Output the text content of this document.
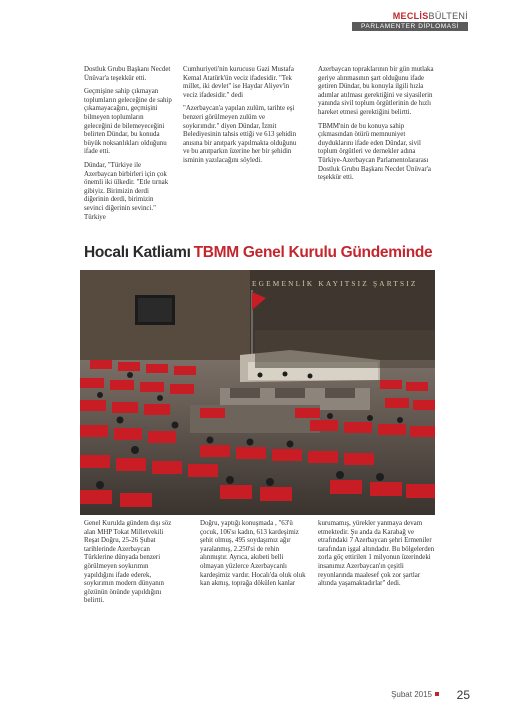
MECLİSBÜLTENİ
PARLAMENTER DİPLOMASİ

Dostluk Grubu Başkanı Necdet Ünüvar'a teşekkür etti.

Geçmişine sahip çıkmayan toplumların geleceğine de sahip çıkamayacağını, geçmişini bilmeyen toplumların geleceğini de bilemeyeceğini belirten Dündar, bu konuda büyük noksanlıkları olduğunu ifade etti.

Dündar, "Türkiye ile Azerbaycan birbirleri için çok önemli iki ülkedir. "Etle tırnak gibiyiz. Birimizin derdi diğerinin derdi, birimizin sevinci diğerinin sevinci." Türkiye

Cumhuriyeti'nin kurucusu Gazi Mustafa Kemal Atatürk'ün veciz ifadesidir. "Tek millet, iki devlet" ise Haydar Aliyev'in veciz ifadesidir." dedi

"Azerbaycan'a yapılan zulüm, tarihte eşi benzeri görülmeyen zulüm ve soykırımdır." diyen Dündar, İzmit Belediyesinin tahsis ettiği ve 613 şehidin anısına bir anıtpark yapılmakta olduğunu ve bu anıtparkın üzerine her bir şehidin isminin yazılacağını söyledi.

Azerbaycan topraklarının bir gün mutlaka geriye alınmasının şart olduğunu ifade getiren Dündar, bu konuyla ilgili hızla adımlar atılması gerektiğini ve siyasilerin yanında sivil toplum örgütlerinin de hızlı hareket etmesi gerektiğini belirtti.

TBMM'nin de bu konuya sahip çıkmasından ötürü memnuniyet duyduklarını ifade eden Dündar, sivil toplum örgütleri ve dernekler adına Türkiye-Azerbaycan Parlamentolararası Dostluk Grubu Başkanı Necdet Ünüvar'a teşekkür etti.

Hocalı Katliamı TBMM Genel Kurulu Gündeminde
EGEMENLİK KAYITSIZ ŞARTSIZ

Genel Kurulda gündem dışı söz alan MHP Tokat Milletvekili Reşat Doğru, 25-26 Şubat tarihlerinde Azerbaycan Türklerine dünyada benzeri görülmeyen soykırımın yapıldığını ifade ederek, soykırımın modern dünyanın gözünün önünde yapıldığını belirtti.

Doğru, yaptığı konuşmada , "63'ü çocuk, 106'sı kadın, 613 kardeşimiz şehit olmuş, 495 soydaşımız ağır yaralanmış, 2.250'si de rehin alınmıştır. Ayrıca, akıbeti belli olmayan yüzlerce Azerbaycanlı kardeşimiz vardır. Hocalı'da oluk oluk kan akmış, toprağa dökülen kanlar

kurumamış, yürekler yanmaya devam etmektedir. Şu anda da Karabağ ve etrafındaki 7 Azerbaycan şehri Ermeniler tarafından işgal altındadır. Bu bölgelerden zorla göç ettirilen 1 milyonun üzerindeki insanımız Azerbaycan'ın çeşitli reyonlarında maalesef çok zor şartlar altında yaşamaktadırlar" dedi.

Şubat 2015	25
